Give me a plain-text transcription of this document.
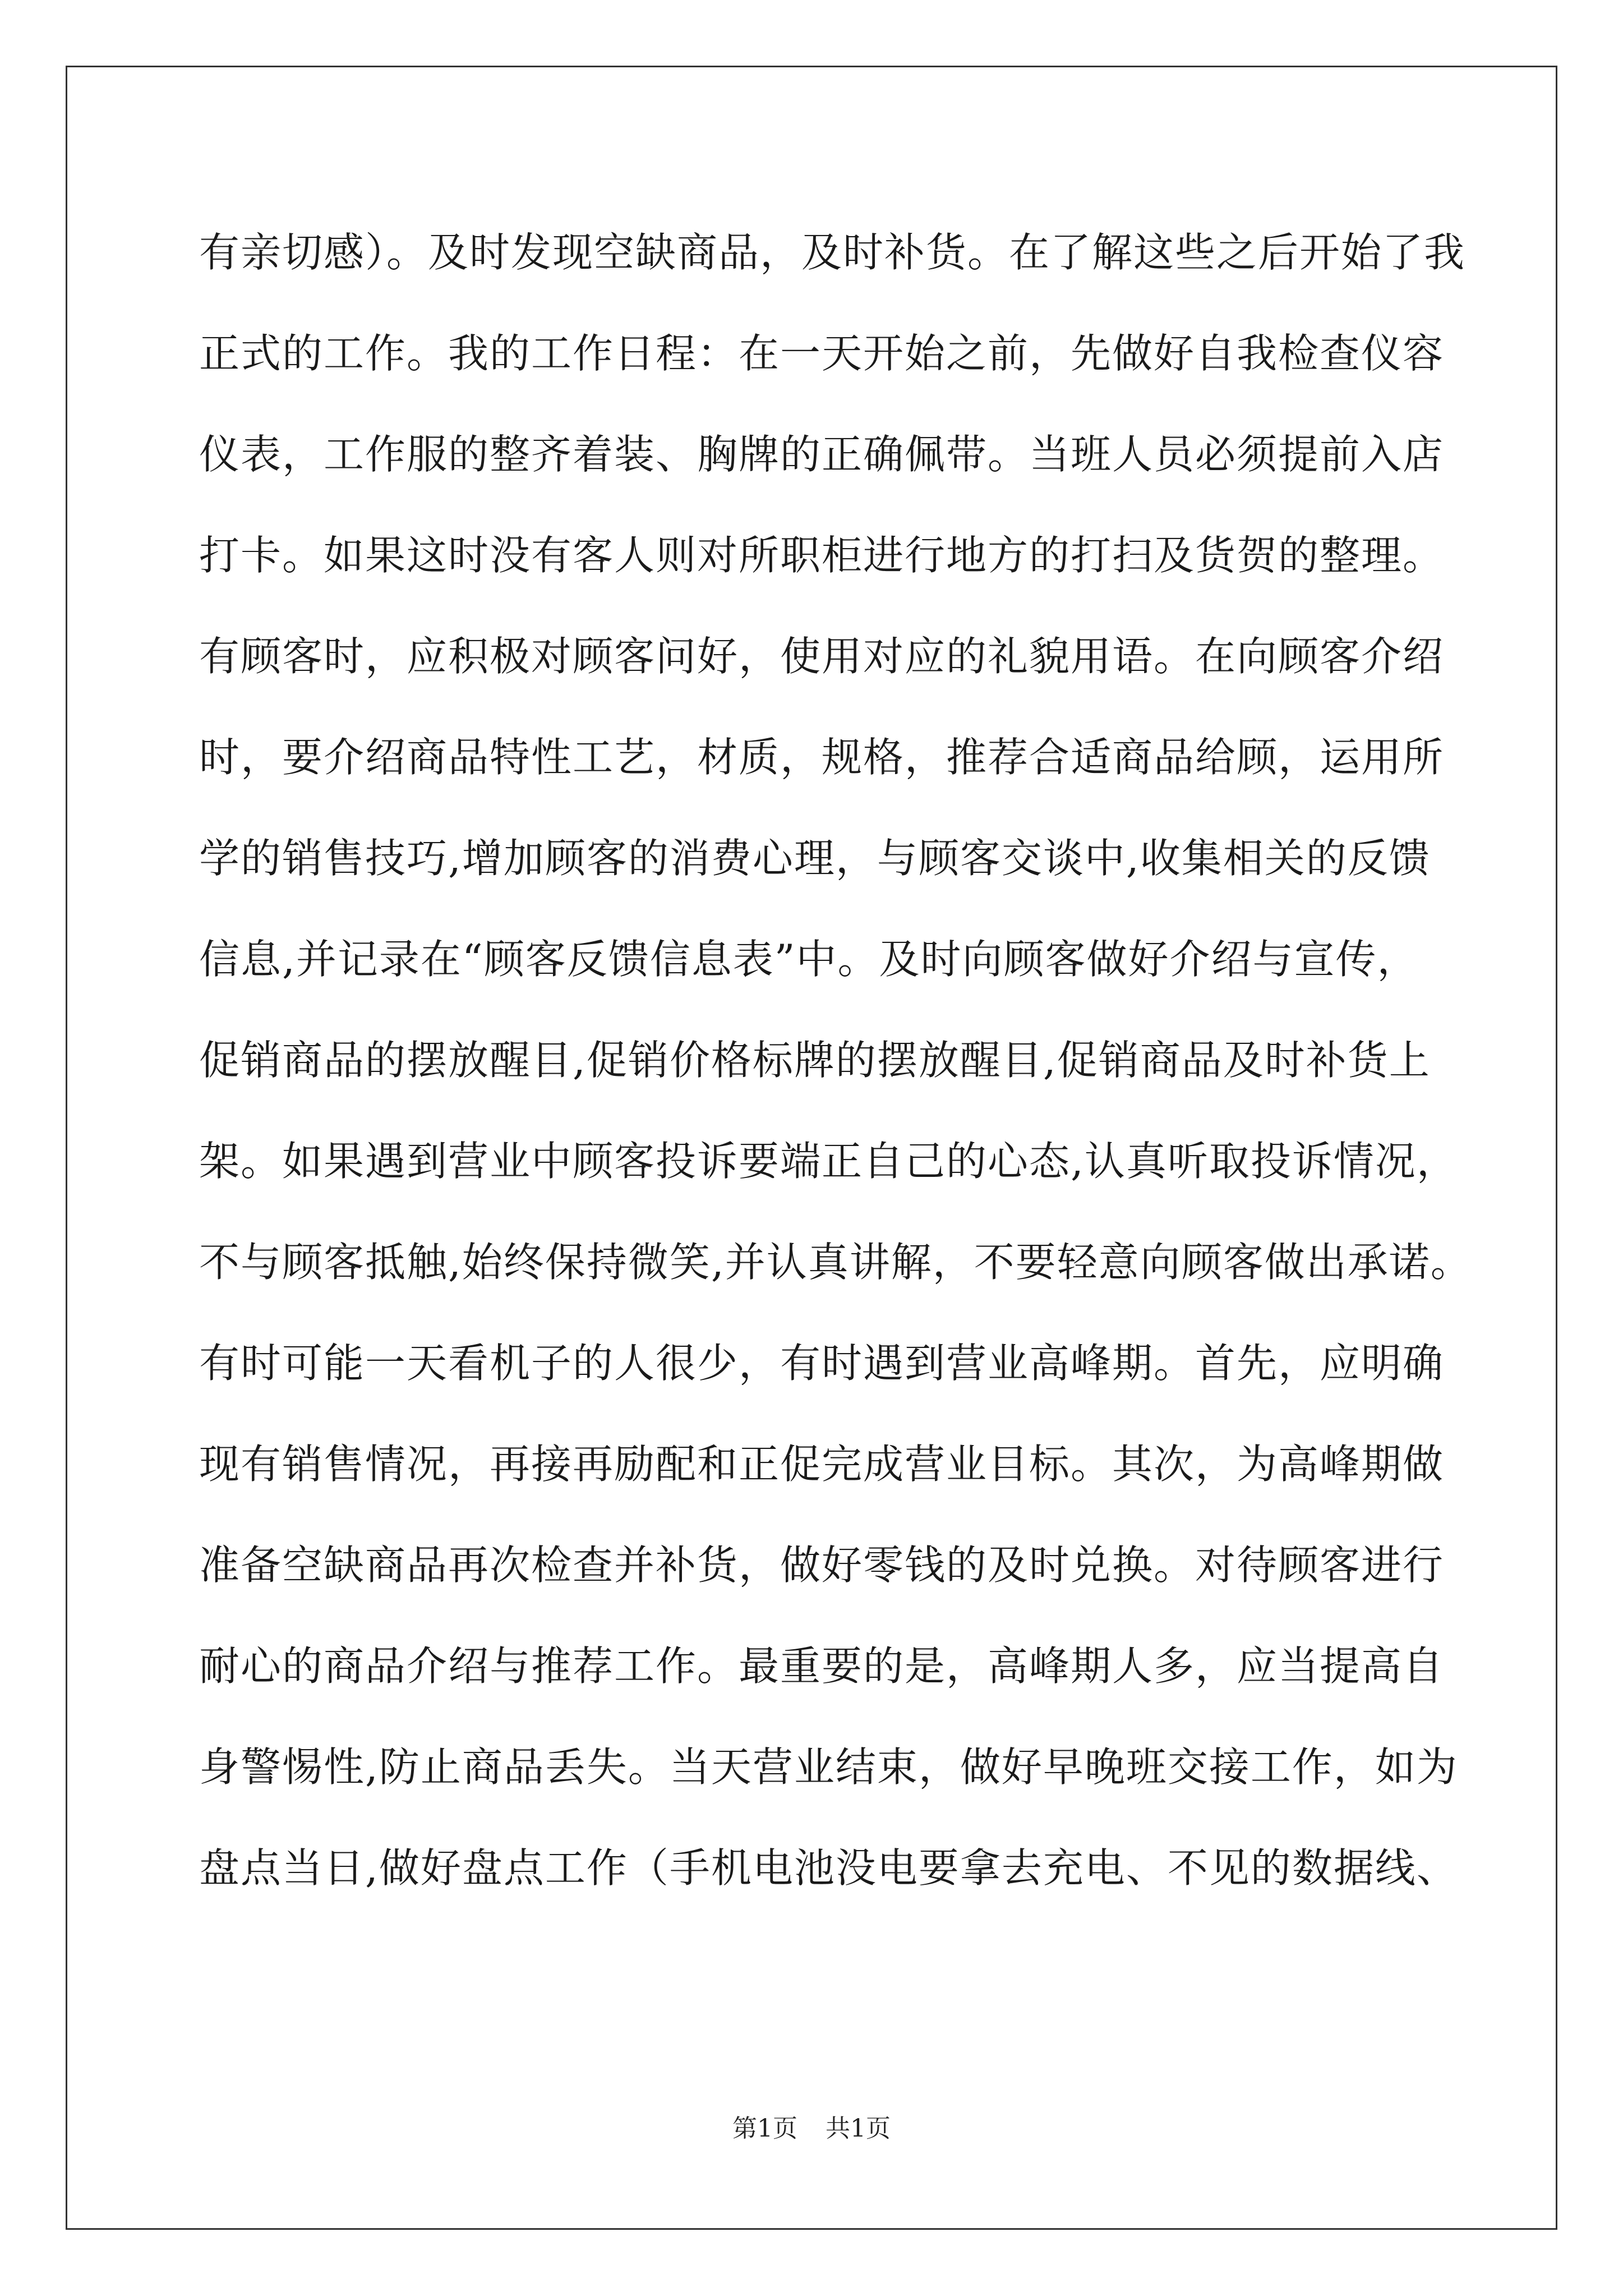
有亲切感）。及时发现空缺商品，及时补货。在了解这些之后开始了我
正式的工作。我的工作日程：在一天开始之前，先做好自我检查仪容
仪表，工作服的整齐着装、胸牌的正确佩带。当班人员必须提前入店
打卡。如果这时没有客人则对所职柜进行地方的打扫及货贺的整理。
有顾客时，应积极对顾客问好，使用对应的礼貌用语。在向顾客介绍
时，要介绍商品特性工艺，材质，规格，推荐合适商品给顾，运用所
学的销售技巧,增加顾客的消费心理，与顾客交谈中,收集相关的反馈
信息,并记录在“顾客反馈信息表”中。及时向顾客做好介绍与宣传，
促销商品的摆放醒目,促销价格标牌的摆放醒目,促销商品及时补货上
架。如果遇到营业中顾客投诉要端正自己的心态,认真听取投诉情况，
不与顾客抵触,始终保持微笑,并认真讲解，不要轻意向顾客做出承诺。
有时可能一天看机子的人很少，有时遇到营业高峰期。首先，应明确
现有销售情况，再接再励配和正促完成营业目标。其次，为高峰期做
准备空缺商品再次检查并补货，做好零钱的及时兑换。对待顾客进行
耐心的商品介绍与推荐工作。最重要的是，高峰期人多，应当提高自
身警惕性,防止商品丢失。当天营业结束，做好早晚班交接工作，如为
盘点当日,做好盘点工作（手机电池没电要拿去充电、不见的数据线、
第1页 共1页
